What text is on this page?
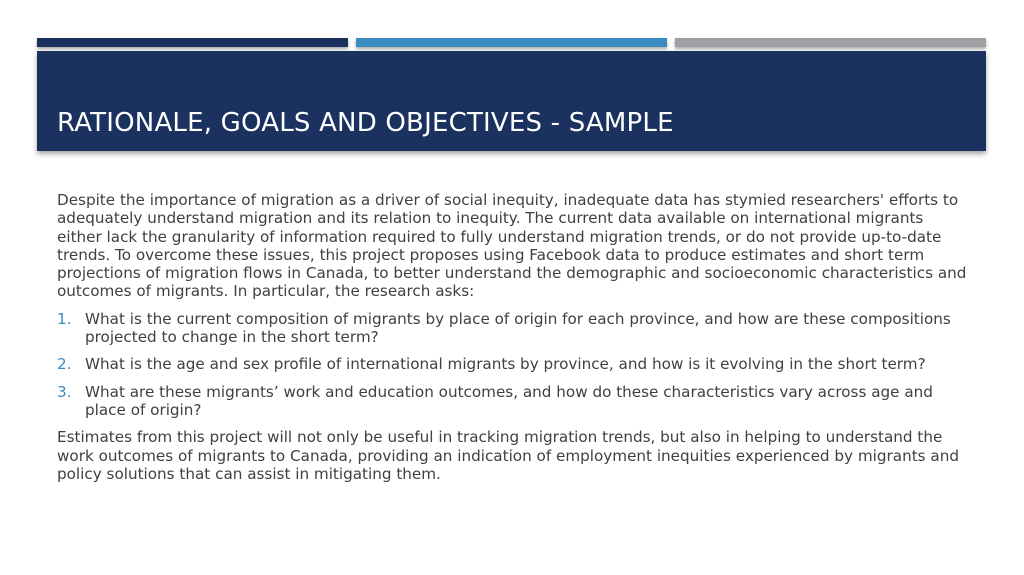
RATIONALE, GOALS AND OBJECTIVES - SAMPLE

Despite the importance of migration as a driver of social inequity, inadequate data has stymied researchers' efforts to adequately understand migration and its relation to inequity. The current data available on international migrants either lack the granularity of information required to fully understand migration trends, or do not provide up-to-date trends. To overcome these issues, this project proposes using Facebook data to produce estimates and short term projections of migration flows in Canada, to better understand the demographic and socioeconomic characteristics and outcomes of migrants. In particular, the research asks:

1. What is the current composition of migrants by place of origin for each province, and how are these compositions projected to change in the short term?
2. What is the age and sex profile of international migrants by province, and how is it evolving in the short term?
3. What are these migrants’ work and education outcomes, and how do these characteristics vary across age and place of origin?

Estimates from this project will not only be useful in tracking migration trends, but also in helping to understand the work outcomes of migrants to Canada, providing an indication of employment inequities experienced by migrants and policy solutions that can assist in mitigating them.
